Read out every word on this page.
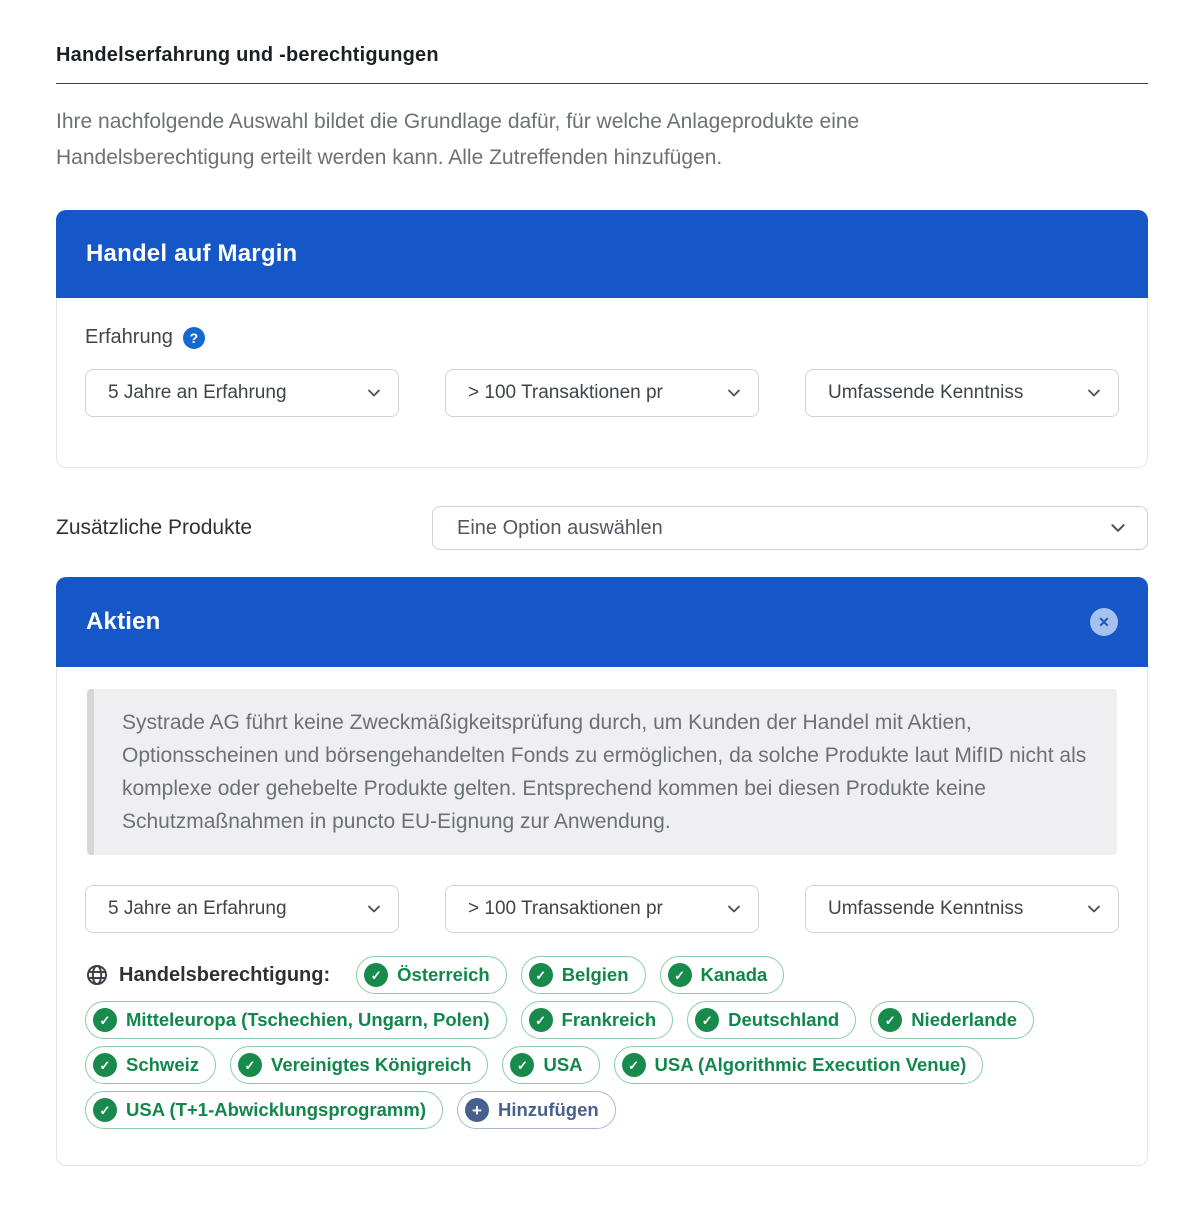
Handelserfahrung und -berechtigungen

Ihre nachfolgende Auswahl bildet die Grundlage dafür, für welche Anlageprodukte eine Handelsberechtigung erteilt werden kann. Alle Zutreffenden hinzufügen.

Handel auf Margin
Erfahrung	?
5 Jahre an Erfahrung	> 100 Transaktionen pr	Umfassende Kenntniss
Zusätzliche Produkte	Eine Option auswählen
Aktien	✕

Systrade AG führt keine Zweckmäßigkeitsprüfung durch, um Kunden der Handel mit Aktien, Optionsscheinen und börsengehandelten Fonds zu ermöglichen, da solche Produkte laut MifID nicht als komplexe oder gehebelte Produkte gelten. Entsprechend kommen bei diesen Produkte keine Schutzmaßnahmen in puncto EU-Eignung zur Anwendung.

5 Jahre an Erfahrung	> 100 Transaktionen pr	Umfassende Kenntniss
Handelsberechtigung:	✓ Österreich	✓ Belgien	✓ Kanada
✓ Mitteleuropa (Tschechien, Ungarn, Polen)	✓ Frankreich	✓ Deutschland	✓ Niederlande
✓ Schweiz	✓ Vereinigtes Königreich	✓ USA	✓ USA (Algorithmic Execution Venue)
✓ USA (T+1-Abwicklungsprogramm)	+ Hinzufügen
